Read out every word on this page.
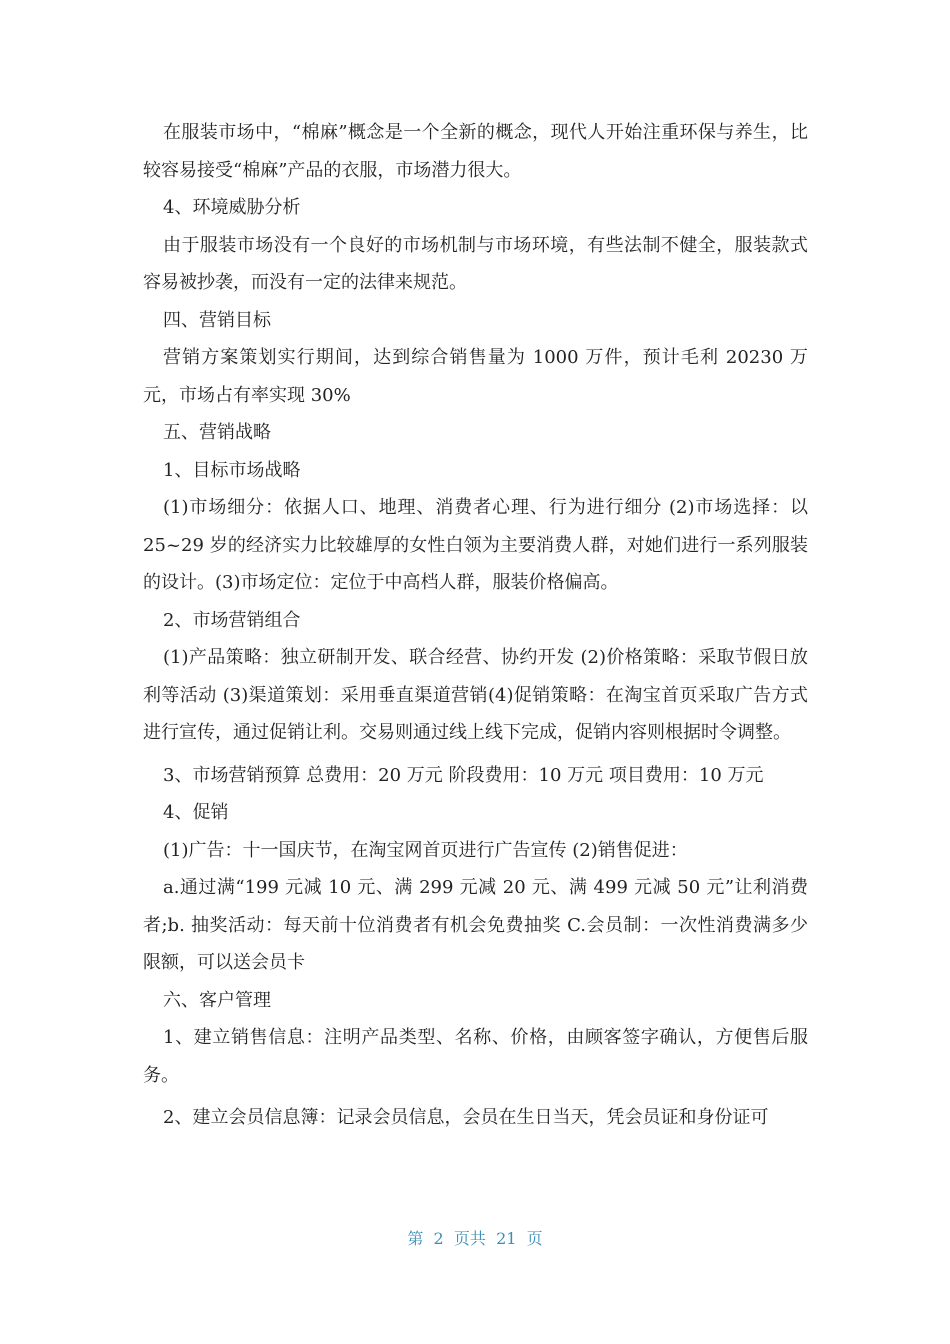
在服装市场中，“棉麻”概念是一个全新的概念，现代人开始注重环保与养生，比较容易接受“棉麻”产品的衣服，市场潜力很大。

4、环境威胁分析

由于服装市场没有一个良好的市场机制与市场环境，有些法制不健全，服装款式容易被抄袭，而没有一定的法律来规范。

四、营销目标

营销方案策划实行期间，达到综合销售量为 1000 万件，预计毛利 20230 万元，市场占有率实现 30%

五、营销战略

1、目标市场战略

(1)市场细分：依据人口、地理、消费者心理、行为进行细分 (2)市场选择：以 25~29 岁的经济实力比较雄厚的女性白领为主要消费人群，对她们进行一系列服装的设计。(3)市场定位：定位于中高档人群，服装价格偏高。

2、市场营销组合

(1)产品策略：独立研制开发、联合经营、协约开发 (2)价格策略：采取节假日放利等活动 (3)渠道策划：采用垂直渠道营销(4)促销策略：在淘宝首页采取广告方式进行宣传，通过促销让利。交易则通过线上线下完成，促销内容则根据时令调整。

3、市场营销预算 总费用：20 万元 阶段费用：10 万元 项目费用：10 万元

4、促销

(1)广告：十一国庆节，在淘宝网首页进行广告宣传 (2)销售促进：

a.通过满“199 元减 10 元、满 299 元减 20 元、满 499 元减 50 元”让利消费者;b. 抽奖活动：每天前十位消费者有机会免费抽奖 C.会员制：一次性消费满多少限额，可以送会员卡

六、客户管理

1、建立销售信息：注明产品类型、名称、价格，由顾客签字确认，方便售后服务。

2、建立会员信息簿：记录会员信息，会员在生日当天，凭会员证和身份证可

第  2  页共  21  页
